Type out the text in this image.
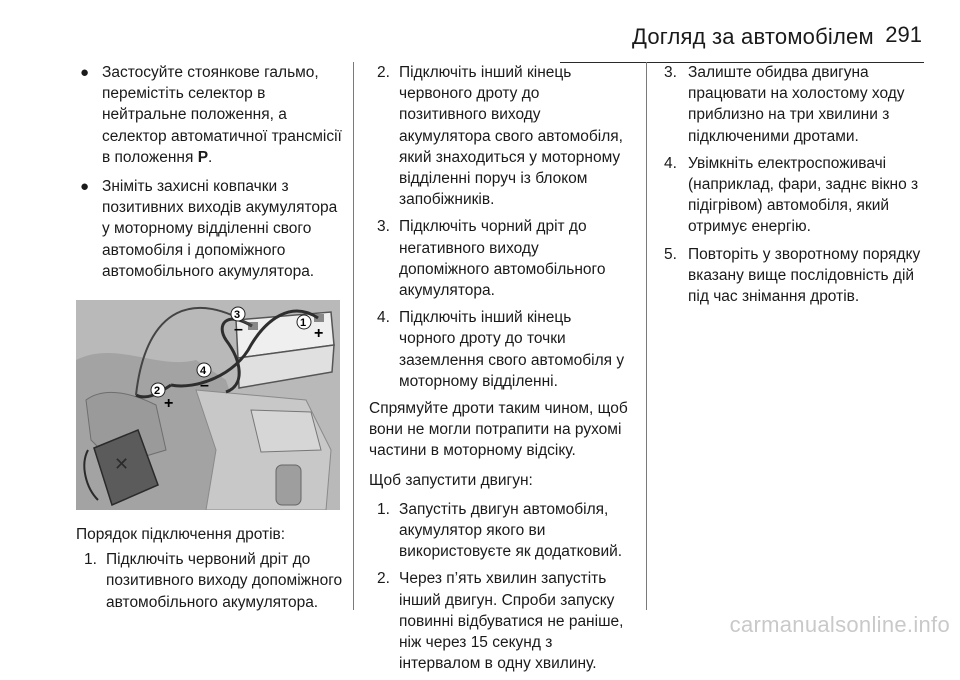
Догляд за автомобілем 291
● Застосуйте стоянкове гальмо, перемістіть селектор в нейтральне положення, а селектор автоматичної трансмісії в положення P.
● Зніміть захисні ковпачки з позитивних виходів акумулятора у моторному відділенні свого автомобіля і допоміжного автомобільного акумулятора.
✕
1
+
3
–
4
–
2
+
Порядок підключення дротів:
1. Підключіть червоний дріт до позитивного виходу допоміжного автомобільного акумулятора.
2. Підключіть інший кінець червоного дроту до позитивного виходу акумулятора свого автомобіля, який знаходиться у моторному відділенні поруч із блоком запобіжників.
3. Підключіть чорний дріт до негативного виходу допоміжного автомобільного акумулятора.
4. Підключіть інший кінець чорного дроту до точки заземлення свого автомобіля у моторному відділенні.
Спрямуйте дроти таким чином, щоб вони не могли потрапити на рухомі частини в моторному відсіку.
Щоб запустити двигун:
1. Запустіть двигун автомобіля, акумулятор якого ви використовуєте як додатковий.
2. Через п’ять хвилин запустіть інший двигун. Спроби запуску повинні відбуватися не раніше, ніж через 15 секунд з інтервалом в одну хвилину.
3. Залиште обидва двигуна працювати на холостому ходу приблизно на три хвилини з підключеними дротами.
4. Увімкніть електроспоживачі (наприклад, фари, заднє вікно з підігрівом) автомобіля, який отримує енергію.
5. Повторіть у зворотному порядку вказану вище послідовність дій під час знімання дротів.
carmanualsonline.info
